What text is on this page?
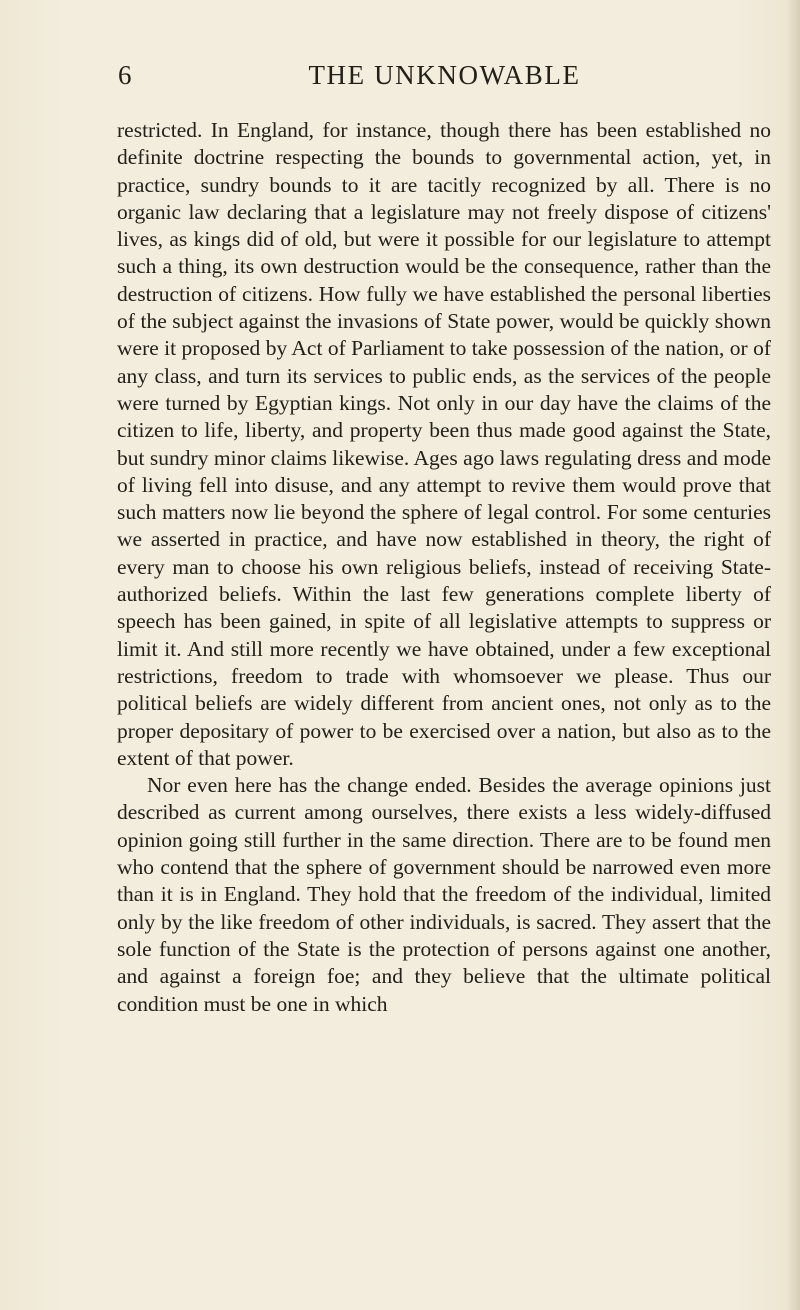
6	THE UNKNOWABLE

restricted. In England, for instance, though there has been established no definite doctrine respecting the bounds to governmental action, yet, in practice, sundry bounds to it are tacitly recognized by all. There is no organic law declaring that a legislature may not freely dispose of citizens' lives, as kings did of old, but were it possible for our legislature to attempt such a thing, its own destruction would be the consequence, rather than the destruction of citizens. How fully we have established the personal liberties of the subject against the invasions of State power, would be quickly shown were it proposed by Act of Parliament to take possession of the nation, or of any class, and turn its services to public ends, as the services of the people were turned by Egyptian kings. Not only in our day have the claims of the citizen to life, liberty, and property been thus made good against the State, but sundry minor claims likewise. Ages ago laws regulating dress and mode of living fell into disuse, and any attempt to revive them would prove that such matters now lie beyond the sphere of legal control. For some centuries we asserted in practice, and have now established in theory, the right of every man to choose his own religious beliefs, instead of receiving State-authorized beliefs. Within the last few generations complete liberty of speech has been gained, in spite of all legislative attempts to suppress or limit it. And still more recently we have obtained, under a few exceptional restrictions, freedom to trade with whomsoever we please. Thus our political beliefs are widely different from ancient ones, not only as to the proper depositary of power to be exercised over a nation, but also as to the extent of that power.

Nor even here has the change ended. Besides the average opinions just described as current among ourselves, there exists a less widely-diffused opinion going still further in the same direction. There are to be found men who contend that the sphere of government should be narrowed even more than it is in England. They hold that the freedom of the individual, limited only by the like freedom of other individuals, is sacred. They assert that the sole function of the State is the protection of persons against one another, and against a foreign foe; and they believe that the ultimate political condition must be one in which
